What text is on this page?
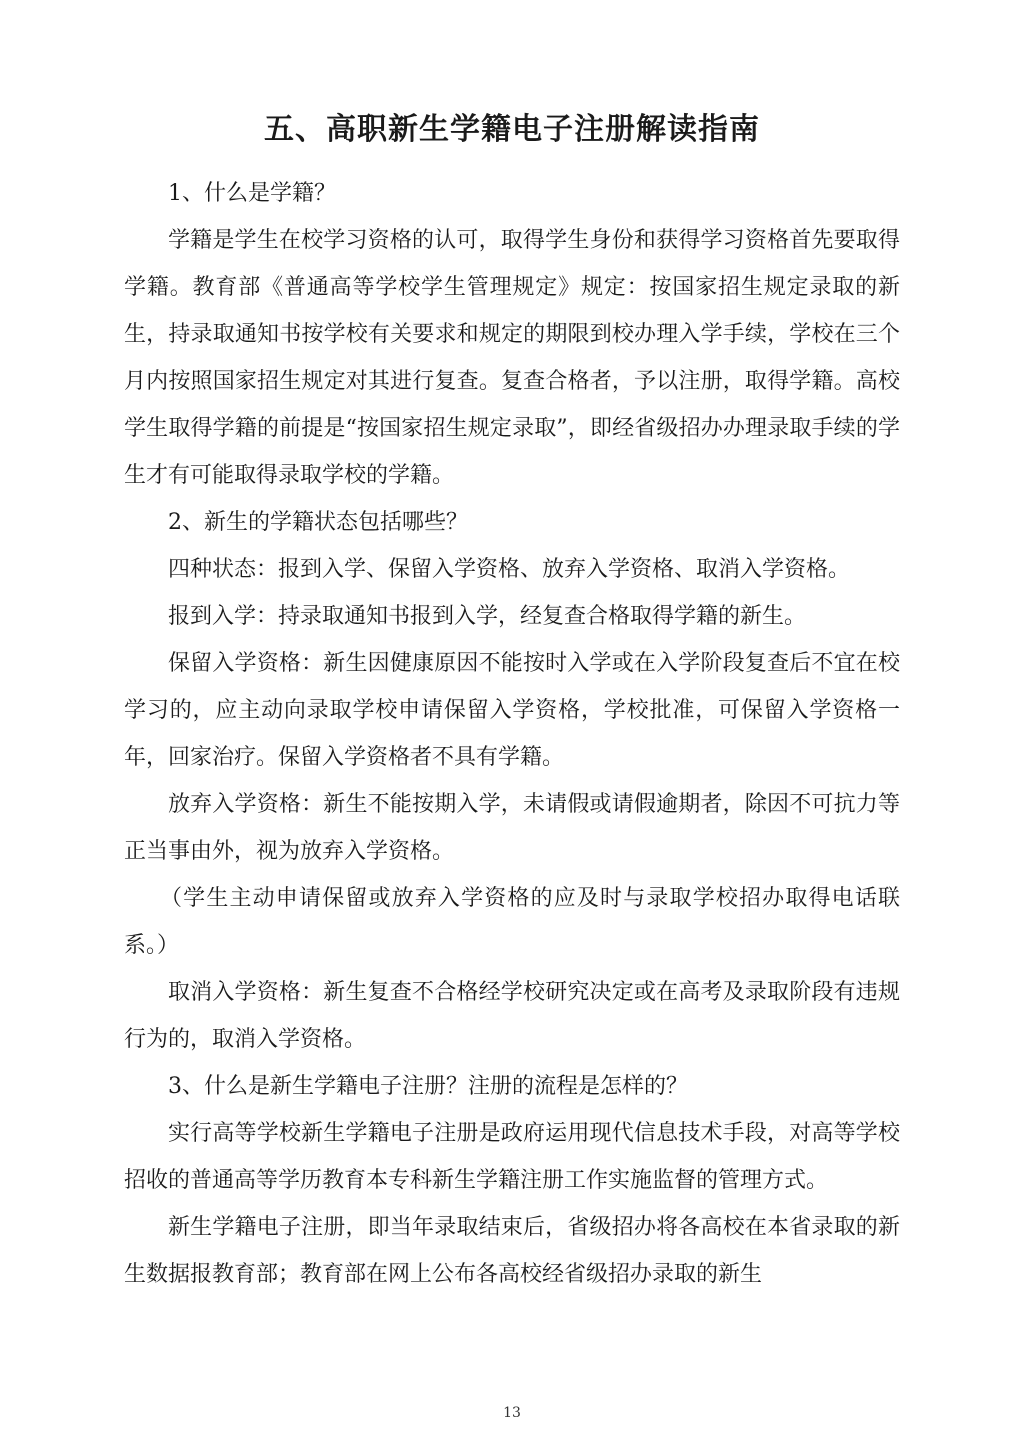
五、高职新生学籍电子注册解读指南

1、什么是学籍？

学籍是学生在校学习资格的认可，取得学生身份和获得学习资格首先要取得学籍。教育部《普通高等学校学生管理规定》规定：按国家招生规定录取的新生，持录取通知书按学校有关要求和规定的期限到校办理入学手续，学校在三个月内按照国家招生规定对其进行复查。复查合格者，予以注册，取得学籍。高校学生取得学籍的前提是“按国家招生规定录取”，即经省级招办办理录取手续的学生才有可能取得录取学校的学籍。

2、新生的学籍状态包括哪些？

四种状态：报到入学、保留入学资格、放弃入学资格、取消入学资格。

报到入学：持录取通知书报到入学，经复查合格取得学籍的新生。

保留入学资格：新生因健康原因不能按时入学或在入学阶段复查后不宜在校学习的，应主动向录取学校申请保留入学资格，学校批准，可保留入学资格一年，回家治疗。保留入学资格者不具有学籍。

放弃入学资格：新生不能按期入学，未请假或请假逾期者，除因不可抗力等正当事由外，视为放弃入学资格。

（学生主动申请保留或放弃入学资格的应及时与录取学校招办取得电话联系。）

取消入学资格：新生复查不合格经学校研究决定或在高考及录取阶段有违规行为的，取消入学资格。

3、什么是新生学籍电子注册？注册的流程是怎样的？

实行高等学校新生学籍电子注册是政府运用现代信息技术手段，对高等学校招收的普通高等学历教育本专科新生学籍注册工作实施监督的管理方式。

新生学籍电子注册，即当年录取结束后，省级招办将各高校在本省录取的新生数据报教育部；教育部在网上公布各高校经省级招办录取的新生

13
